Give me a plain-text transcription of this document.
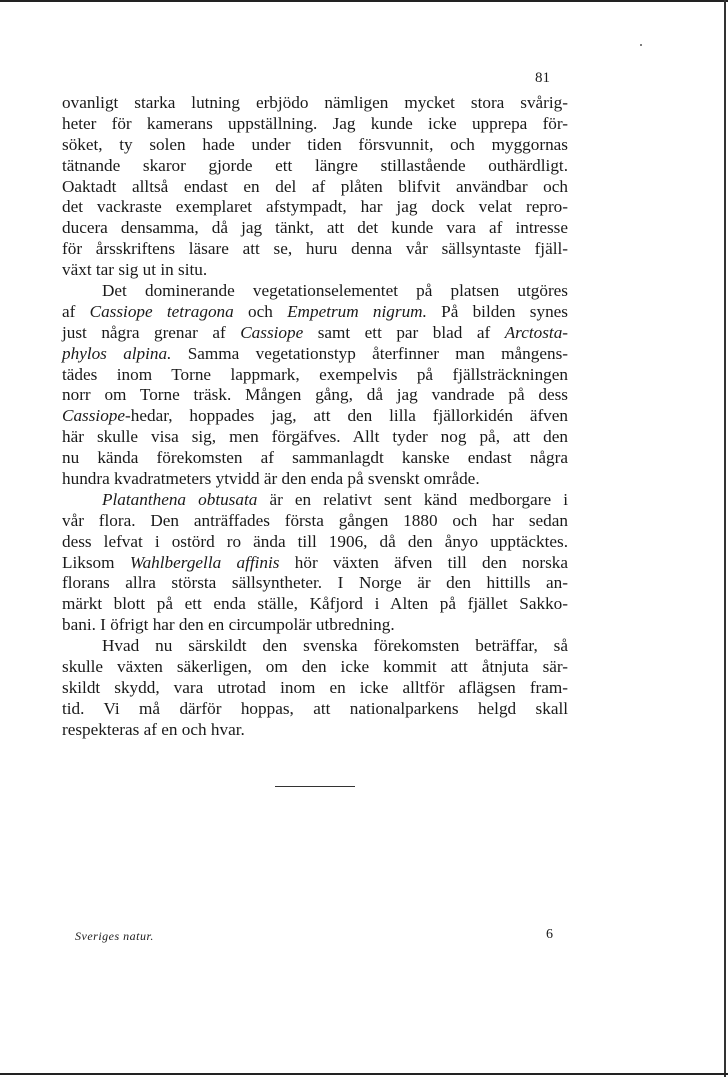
81
ovanligt starka lutning erbjödo nämligen mycket stora svårig-
heter för kamerans uppställning. Jag kunde icke upprepa för-
söket, ty solen hade under tiden försvunnit, och myggornas
tätnande skaror gjorde ett längre stillastående outhärdligt.
Oaktadt alltså endast en del af plåten blifvit användbar och
det vackraste exemplaret afstympadt, har jag dock velat repro-
ducera densamma, då jag tänkt, att det kunde vara af intresse
för årsskriftens läsare att se, huru denna vår sällsyntaste fjäll-
växt tar sig ut in situ.
Det dominerande vegetationselementet på platsen utgöres
af Cassiope tetragona och Empetrum nigrum. På bilden synes
just några grenar af Cassiope samt ett par blad af Arctosta-
phylos alpina. Samma vegetationstyp återfinner man mångens-
tädes inom Torne lappmark, exempelvis på fjällsträckningen
norr om Torne träsk. Mången gång, då jag vandrade på dess
Cassiope-hedar, hoppades jag, att den lilla fjällorkidén äfven
här skulle visa sig, men förgäfves. Allt tyder nog på, att den
nu kända förekomsten af sammanlagdt kanske endast några
hundra kvadratmeters ytvidd är den enda på svenskt område.
Platanthena obtusata är en relativt sent känd medborgare i
vår flora. Den anträffades första gången 1880 och har sedan
dess lefvat i ostörd ro ända till 1906, då den ånyo upptäcktes.
Liksom Wahlbergella affinis hör växten äfven till den norska
florans allra största sällsyntheter. I Norge är den hittills an-
märkt blott på ett enda ställe, Kåfjord i Alten på fjället Sakko-
bani. I öfrigt har den en circumpolär utbredning.
Hvad nu särskildt den svenska förekomsten beträffar, så
skulle växten säkerligen, om den icke kommit att åtnjuta sär-
skildt skydd, vara utrotad inom en icke alltför aflägsen fram-
tid. Vi må därför hoppas, att nationalparkens helgd skall
respekteras af en och hvar.
Sveriges natur.	6
